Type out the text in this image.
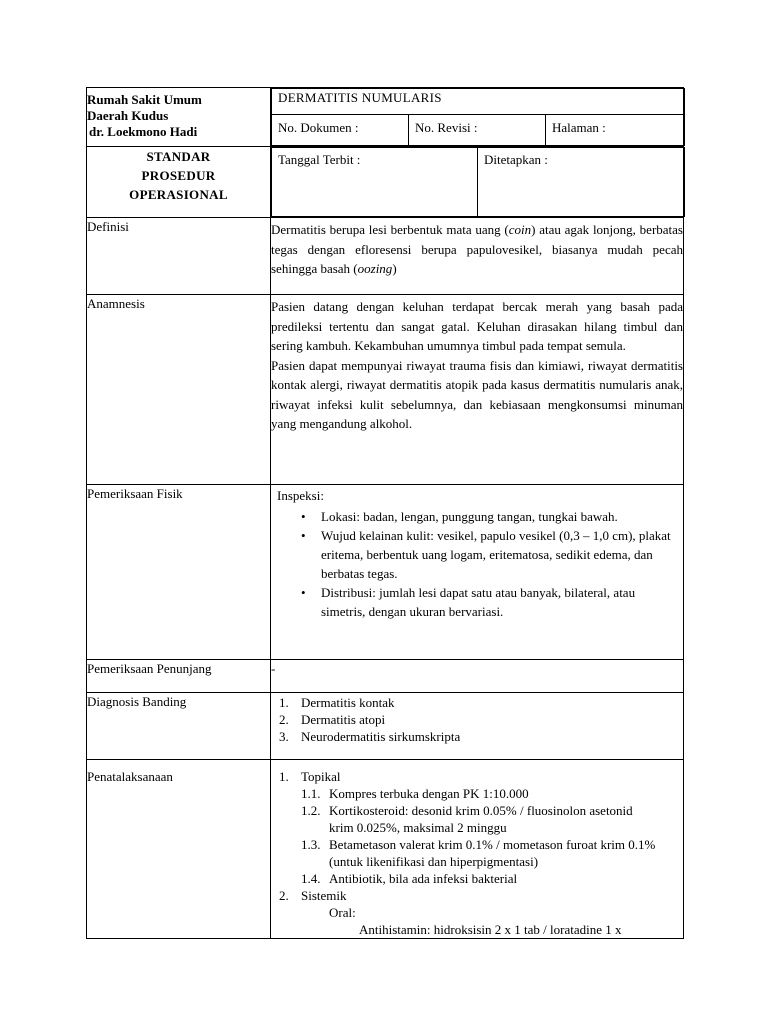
Rumah Sakit Umum
Daerah Kudus
dr. Loekmono Hadi

DERMATITIS NUMULARIS
No. Dokumen :	No. Revisi :	Halaman :

STANDAR
PROSEDUR
OPERASIONAL

Tanggal Terbit :	Ditetapkan :

Definisi	Dermatitis berupa lesi berbentuk mata uang (coin) atau agak lonjong, berbatas tegas dengan efloresensi berupa papulovesikel, biasanya mudah pecah sehingga basah (oozing)
Anamnesis	Pasien datang dengan keluhan terdapat bercak merah yang basah pada predileksi tertentu dan sangat gatal. Keluhan dirasakan hilang timbul dan sering kambuh. Kekambuhan umumnya timbul pada tempat semula.
Pasien dapat mempunyai riwayat trauma fisis dan kimiawi, riwayat dermatitis kontak alergi, riwayat dermatitis atopik pada kasus dermatitis numularis anak, riwayat infeksi kulit sebelumnya, dan kebiasaan mengkonsumsi minuman yang mengandung alkohol.

Pemeriksaan Fisik	Inspeksi:
• Lokasi: badan, lengan, punggung tangan, tungkai bawah.
• Wujud kelainan kulit: vesikel, papulo vesikel (0,3 – 1,0 cm), plakat eritema, berbentuk uang logam, eritematosa, sedikit edema, dan berbatas tegas.
• Distribusi: jumlah lesi dapat satu atau banyak, bilateral, atau simetris, dengan ukuran bervariasi.

Pemeriksaan Penunjang	-
Diagnosis Banding	1. Dermatitis kontak
2. Dermatitis atopi
3. Neurodermatitis sirkumskripta

Penatalaksanaan	1. Topikal
1.1. Kompres terbuka dengan PK 1:10.000
1.2. Kortikosteroid: desonid krim 0.05% / fluosinolon asetonid krim 0.025%, maksimal 2 minggu
1.3. Betametason valerat krim 0.1% / mometason furoat krim 0.1% (untuk likenifikasi dan hiperpigmentasi)
1.4. Antibiotik, bila ada infeksi bakterial
2. Sistemik
Oral:
Antihistamin: hidroksisin 2 x 1 tab / loratadine 1 x
